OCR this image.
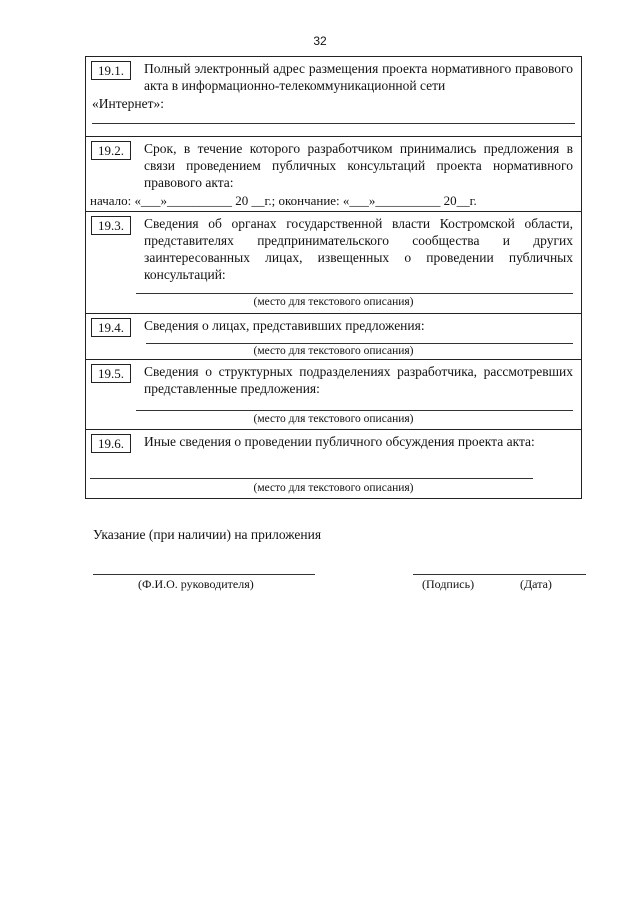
32
19.1.	Полный электронный адрес размещения проекта нормативного правового акта в информационно-телекоммуникационной сети
«Интернет»:
19.2.	Срок, в течение которого разработчиком принимались предложения в связи проведением публичных консультаций проекта нормативного правового акта:
начало: «___»__________ 20 __г.; окончание: «___»__________ 20__г.
19.3.	Сведения об органах государственной власти Костромской области, представителях предпринимательского сообщества и других заинтересованных лицах, извещенных о проведении публичных консультаций:
(место для текстового описания)
19.4.	Сведения о лицах, представивших предложения:
(место для текстового описания)
19.5.	Сведения о структурных подразделениях разработчика, рассмотревших представленные предложения:
(место для текстового описания)
19.6.	Иные сведения о проведении публичного обсуждения проекта акта:
(место для текстового описания)
Указание (при наличии) на приложения
(Ф.И.О. руководителя)	(Подпись)	(Дата)
